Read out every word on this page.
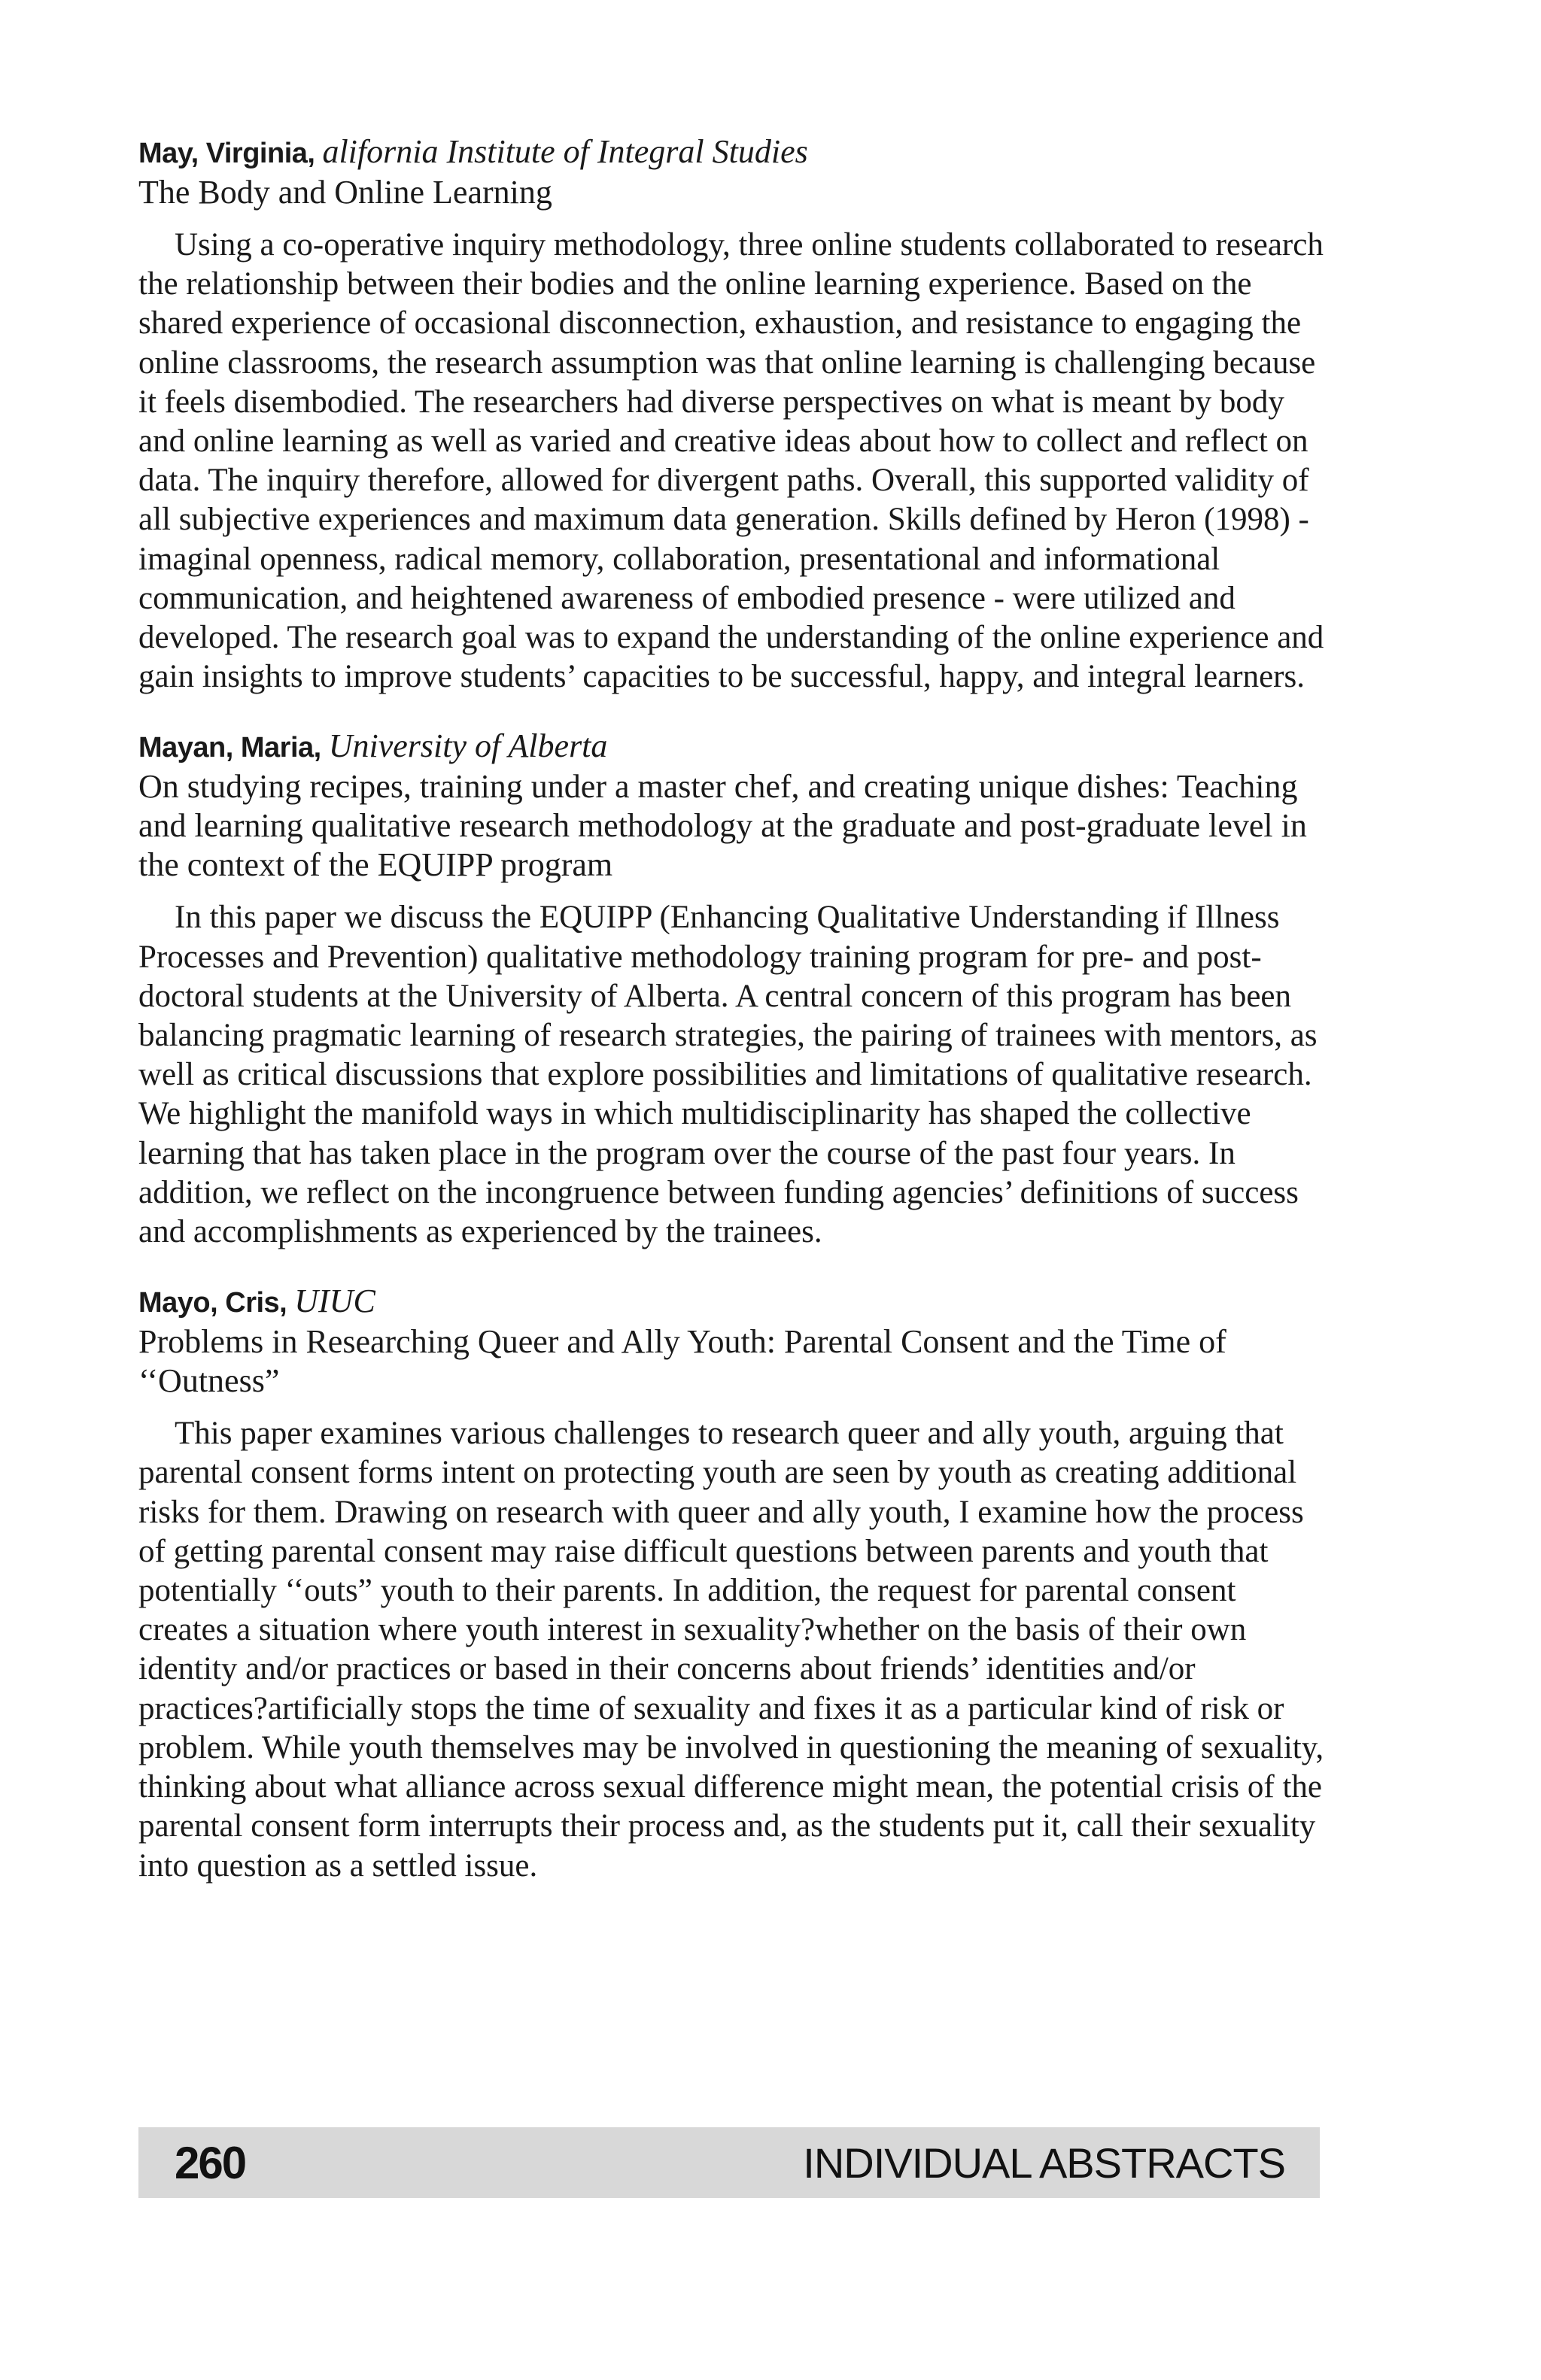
May, Virginia, alifornia Institute of Integral Studies

The Body and Online Learning

Using a co-operative inquiry methodology, three online students collaborated to research the relationship between their bodies and the online learning experience. Based on the shared experience of occasional disconnection, exhaustion, and resistance to engaging the online classrooms, the research assumption was that online learning is challenging because it feels disembodied. The researchers had diverse perspectives on what is meant by body and online learning as well as varied and creative ideas about how to collect and reflect on data. The inquiry therefore, allowed for divergent paths. Overall, this supported validity of all subjective experiences and maximum data generation. Skills defined by Heron (1998) - imaginal openness, radical memory, collaboration, presentational and informational communication, and heightened awareness of embodied presence - were utilized and developed. The research goal was to expand the understanding of the online experience and gain insights to improve students’ capacities to be successful, happy, and integral learners.

Mayan, Maria, University of Alberta

On studying recipes, training under a master chef, and creating unique dishes: Teaching and learning qualitative research methodology at the graduate and post-graduate level in the context of the EQUIPP program

In this paper we discuss the EQUIPP (Enhancing Qualitative Understanding if Illness Processes and Prevention) qualitative methodology training program for pre- and post-doctoral students at the University of Alberta. A central concern of this program has been balancing pragmatic learning of research strategies, the pairing of trainees with mentors, as well as critical discussions that explore possibilities and limitations of qualitative research. We highlight the manifold ways in which multidisciplinarity has shaped the collective learning that has taken place in the program over the course of the past four years. In addition, we reflect on the incongruence between funding agencies’ definitions of success and accomplishments as experienced by the trainees.

Mayo, Cris, UIUC

Problems in Researching Queer and Ally Youth: Parental Consent and the Time of ‘‘Outness”

This paper examines various challenges to research queer and ally youth, arguing that parental consent forms intent on protecting youth are seen by youth as creating additional risks for them. Drawing on research with queer and ally youth, I examine how the process of getting parental consent may raise difficult questions between parents and youth that potentially ‘‘outs” youth to their parents. In addition, the request for parental consent creates a situation where youth interest in sexuality?whether on the basis of their own identity and/or practices or based in their concerns about friends’ identities and/or practices?artificially stops the time of sexuality and fixes it as a particular kind of risk or problem. While youth themselves may be involved in questioning the meaning of sexuality, thinking about what alliance across sexual difference might mean, the potential crisis of the parental consent form interrupts their process and, as the students put it, call their sexuality into question as a settled issue.

260	INDIVIDUAL ABSTRACTS
